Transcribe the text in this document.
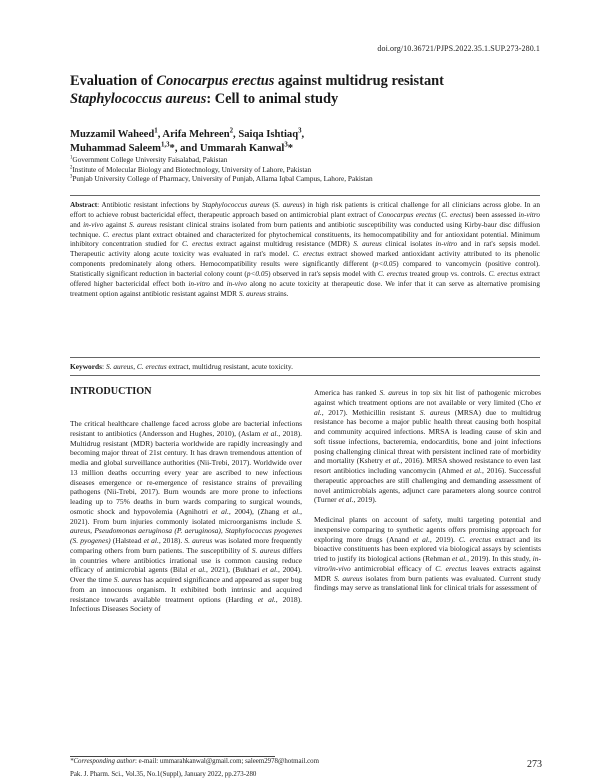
doi.org/10.36721/PJPS.2022.35.1.SUP.273-280.1
Evaluation of Conocarpus erectus against multidrug resistant
Staphylococcus aureus: Cell to animal study
Muzzamil Waheed$^1$, Arifa Mehreen$^2$, Saiqa Ishtiaq$^3$,
Muhammad Saleem$^{1,3}$*, and Ummarah Kanwal$^3$*
$^1$Government College University Faisalabad, Pakistan
$^2$Institute of Molecular Biology and Biotechnology, University of Lahore, Pakistan
$^3$Punjab University College of Pharmacy, University of Punjab, Allama Iqbal Campus, Lahore, Pakistan

Abstract: Antibiotic resistant infections by Staphylococcus aureus (S. aureus) in high risk patients is critical challenge for all clinicians across globe. In an effort to achieve robust bactericidal effect, therapeutic approach based on antimicrobial plant extract of Conocarpus erectus (C. erectus) been assessed in-vitro and in-vivo against S. aureus resistant clinical strains isolated from burn patients and antibiotic susceptibility was conducted using Kirby-baur disc diffusion technique. C. erectus plant extract obtained and characterized for phytochemical constituents, its hemocompatibility and for antioxidant potential. Minimum inhibitory concentration studied for C. erectus extract against multidrug resistance (MDR) S. aureus clinical isolates in-vitro and in rat's sepsis model. Therapeutic activity along acute toxicity was evaluated in rat's model. C. erectus extract showed marked antioxidant activity attributed to its phenolic components predominately along others. Hemocompatibility results were significantly different (p<0.05) compared to vancomycin (positive control). Statistically significant reduction in bacterial colony count (p<0.05) observed in rat's sepsis model with C. erectus treated group vs. controls. C. erectus extract offered higher bactericidal effect both in-vitro and in-vivo along no acute toxicity at therapeutic dose. We infer that it can serve as alternative promising treatment option against antibiotic resistant against MDR S. aureus strains.

Keywords: S. aureus, C. erectus extract, multidrug resistant, acute toxicity.
INTRODUCTION

The critical healthcare challenge faced across globe are bacterial infections resistant to antibiotics (Andersson and Hughes, 2010), (Aslam et al., 2018). Multidrug resistant (MDR) bacteria worldwide are rapidly increasingly and becoming major threat of 21st century. It has drawn tremendous attention of media and global surveillance authorities (Nii-Trebi, 2017). Worldwide over 13 million deaths occurring every year are ascribed to new infectious diseases emergence or re-emergence of resistance strains of prevailing pathogens (Nii-Trebi, 2017). Burn wounds are more prone to infections leading up to 75% deaths in burn wards comparing to surgical wounds, osmotic shock and hypovolemia (Agnihotri et al., 2004), (Zhang et al., 2021). From burn injuries commonly isolated microorganisms include S. aureus, Pseudomonas aeruginosa (P. aeruginosa), Staphylococcus pyogenes (S. pyogenes) (Halstead et al., 2018). S. aureus was isolated more frequently comparing others from burn patients. The susceptibility of S. aureus differs in countries where antibiotics irrational use is common causing reduce efficacy of antimicrobial agents (Bilal et al., 2021), (Bukhari et al., 2004). Over the time S. aureus has acquired significance and appeared as super bug from an innocuous organism. It exhibited both intrinsic and acquired resistance towards available treatment options (Harding et al., 2018). Infectious Diseases Society of

America has ranked S. aureus in top six hit list of pathogenic microbes against which treatment options are not available or very limited (Cho et al., 2017). Methicillin resistant S. aureus (MRSA) due to multidrug resistance has become a major public health threat causing both hospital and community acquired infections. MRSA is leading cause of skin and soft tissue infections, bacteremia, endocarditis, bone and joint infections posing challenging clinical threat with persistent inclined rate of morbidity and mortality (Kshetry et al., 2016). MRSA showed resistance to even last resort antibiotics including vancomycin (Ahmed et al., 2016). Successful therapeutic approaches are still challenging and demanding assessment of novel antimicrobials agents, adjunct care parameters along source control (Turner et al., 2019).

Medicinal plants on account of safety, multi targeting potential and inexpensive comparing to synthetic agents offers promising approach for exploring more drugs (Anand et al., 2019). C. erectus extract and its bioactive constituents has been explored via biological assays by scientists tried to justify its biological actions (Rehman et al., 2019). In this study, in-vitro/in-vivo antimicrobial efficacy of C. erectus leaves extracts against MDR S. aureus isolates from burn patients was evaluated. Current study findings may serve as translational link for clinical trials for assessment of

*Corresponding author: e-mail: ummarahkanwal@gmail.com; saleem2978@hotmail.com
Pak. J. Pharm. Sci., Vol.35, No.1(Suppl), January 2022, pp.273-280
273
